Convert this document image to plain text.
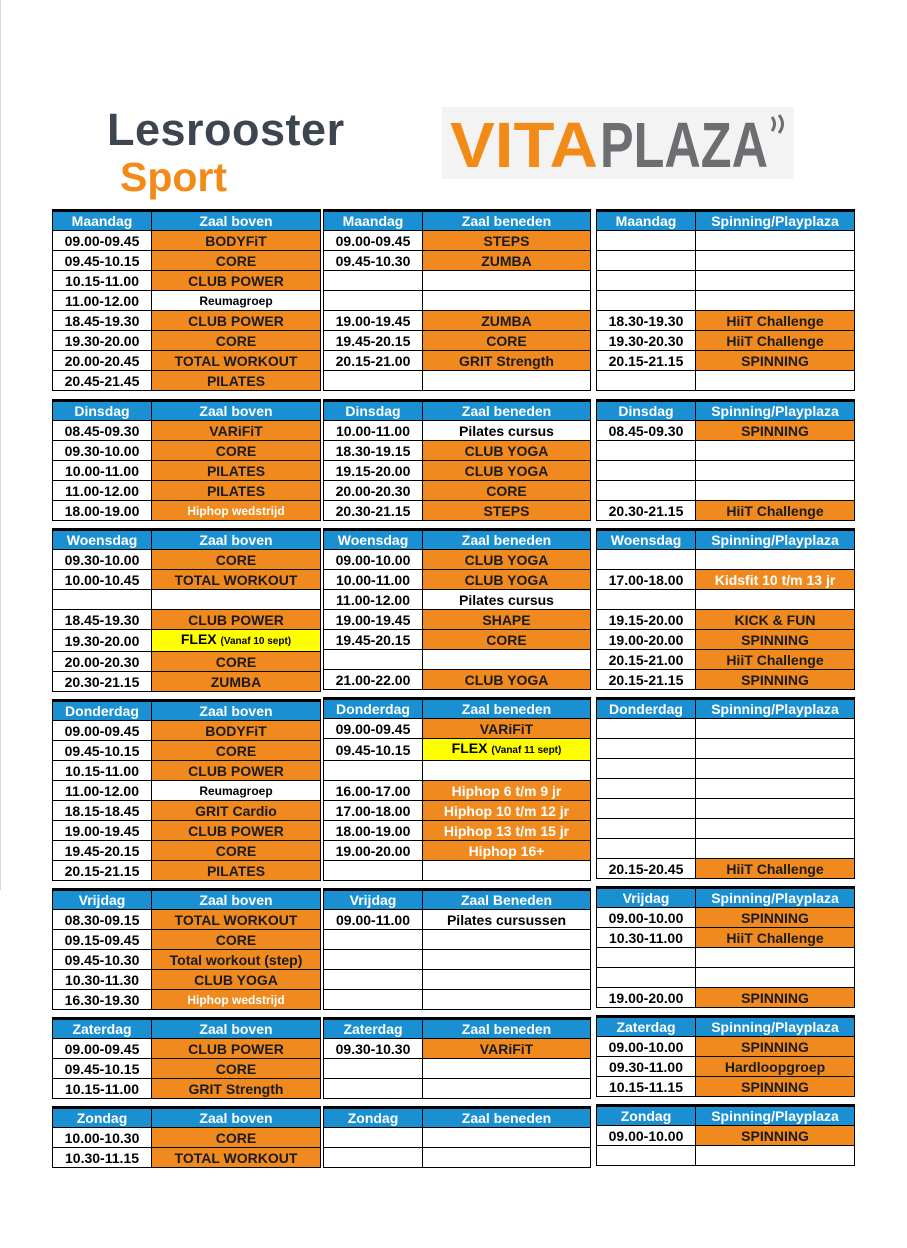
Lesrooster
Sport	VITA PLAZA
Maandag	Zaal boven
09.00-09.45	BODYFiT
09.45-10.15	CORE
10.15-11.00	CLUB POWER
11.00-12.00	Reumagroep
18.45-19.30	CLUB POWER
19.30-20.00	CORE
20.00-20.45	TOTAL WORKOUT
20.45-21.45	PILATES

Dinsdag	Zaal boven
08.45-09.30	VARiFiT
09.30-10.00	CORE
10.00-11.00	PILATES
11.00-12.00	PILATES
18.00-19.00	Hiphop wedstrijd

Woensdag	Zaal boven
09.30-10.00	CORE
10.00-10.45	TOTAL WORKOUT

18.45-19.30	CLUB POWER
19.30-20.00	FLEX (Vanaf 10 sept)
20.00-20.30	CORE
20.30-21.15	ZUMBA

Donderdag	Zaal boven
09.00-09.45	BODYFiT
09.45-10.15	CORE
10.15-11.00	CLUB POWER
11.00-12.00	Reumagroep
18.15-18.45	GRIT Cardio
19.00-19.45	CLUB POWER
19.45-20.15	CORE
20.15-21.15	PILATES

Vrijdag	Zaal boven
08.30-09.15	TOTAL WORKOUT
09.15-09.45	CORE
09.45-10.30	Total workout (step)
10.30-11.30	CLUB YOGA
16.30-19.30	Hiphop wedstrijd

Zaterdag	Zaal boven
09.00-09.45	CLUB POWER
09.45-10.15	CORE
10.15-11.00	GRIT Strength

Zondag	Zaal boven
10.00-10.30	CORE
10.30-11.15	TOTAL WORKOUT
Maandag	Zaal beneden
09.00-09.45	STEPS
09.45-10.30	ZUMBA

19.00-19.45	ZUMBA
19.45-20.15	CORE
20.15-21.00	GRIT Strength

Dinsdag	Zaal beneden
10.00-11.00	Pilates cursus
18.30-19.15	CLUB YOGA
19.15-20.00	CLUB YOGA
20.00-20.30	CORE
20.30-21.15	STEPS

Woensdag	Zaal beneden
09.00-10.00	CLUB YOGA
10.00-11.00	CLUB YOGA
11.00-12.00	Pilates cursus
19.00-19.45	SHAPE
19.45-20.15	CORE

21.00-22.00	CLUB YOGA

Donderdag	Zaal beneden
09.00-09.45	VARiFiT
09.45-10.15	FLEX (Vanaf 11 sept)

16.00-17.00	Hiphop 6 t/m 9 jr
17.00-18.00	Hiphop 10 t/m 12 jr
18.00-19.00	Hiphop 13 t/m 15 jr
19.00-20.00	Hiphop 16+

Vrijdag	Zaal Beneden
09.00-11.00	Pilates cursussen

Zaterdag	Zaal beneden
09.30-10.30	VARiFiT

Zondag	Zaal beneden

Maandag	Spinning/Playplaza

18.30-19.30	HiiT Challenge
19.30-20.30	HiiT Challenge
20.15-21.15	SPINNING

Dinsdag	Spinning/Playplaza
08.45-09.30	SPINNING

20.30-21.15	HiiT Challenge

Woensdag	Spinning/Playplaza

17.00-18.00	Kidsfit 10 t/m 13 jr

19.15-20.00	KICK & FUN
19.00-20.00	SPINNING
20.15-21.00	HiiT Challenge
20.15-21.15	SPINNING

Donderdag	Spinning/Playplaza

20.15-20.45	HiiT Challenge

Vrijdag	Spinning/Playplaza
09.00-10.00	SPINNING
10.30-11.00	HiiT Challenge

19.00-20.00	SPINNING

Zaterdag	Spinning/Playplaza
09.00-10.00	SPINNING
09.30-11.00	Hardloopgroep
10.15-11.15	SPINNING

Zondag	Spinning/Playplaza
09.00-10.00	SPINNING
